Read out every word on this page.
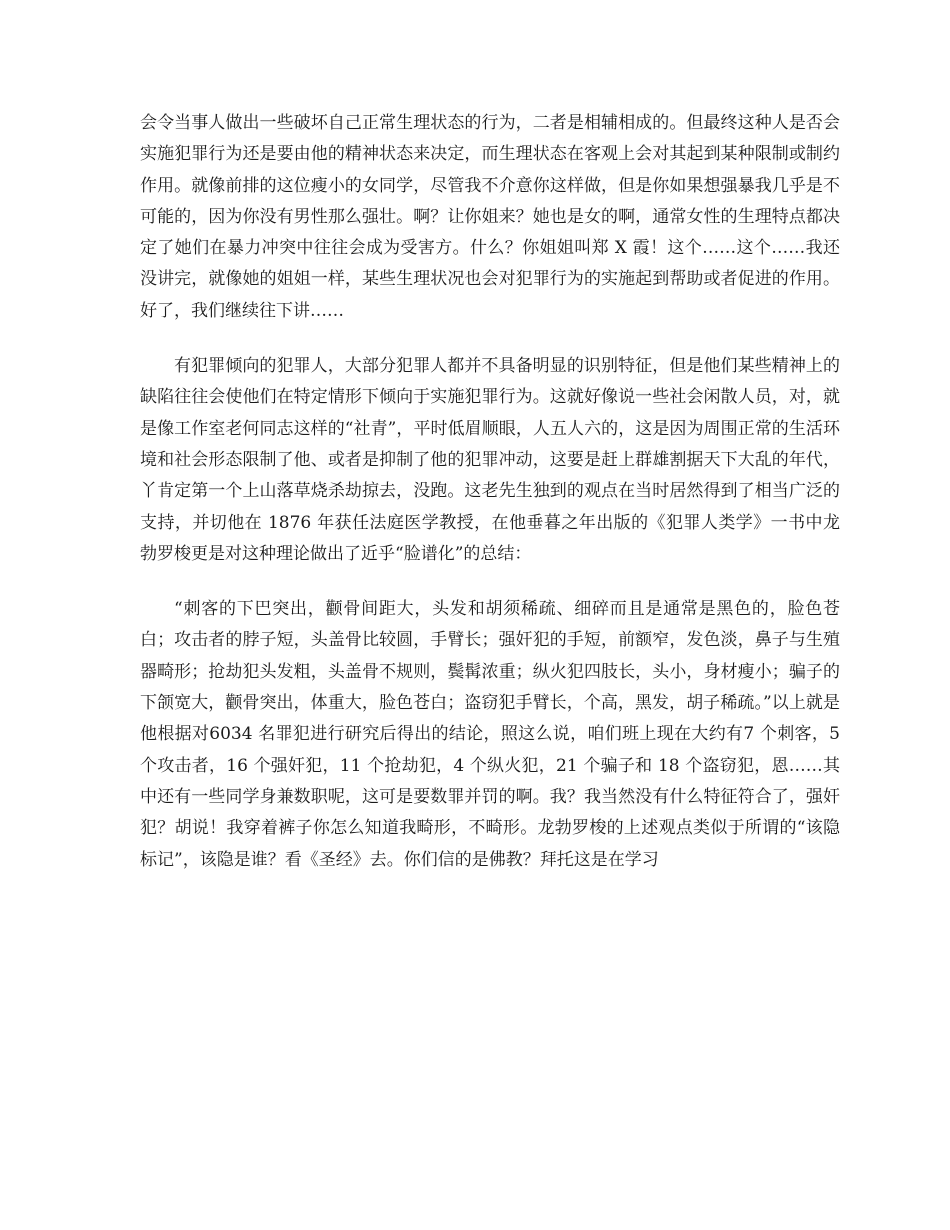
会令当事人做出一些破坏自己正常生理状态的行为，二者是相辅相成的。但最终这种人是否会实施犯罪行为还是要由他的精神状态来决定，而生理状态在客观上会对其起到某种限制或制约作用。就像前排的这位瘦小的女同学，尽管我不介意你这样做，但是你如果想强暴我几乎是不可能的，因为你没有男性那么强壮。啊？让你姐来？她也是女的啊，通常女性的生理特点都决定了她们在暴力冲突中往往会成为受害方。什么？你姐姐叫郑 X 霞！这个……这个……我还没讲完，就像她的姐姐一样，某些生理状况也会对犯罪行为的实施起到帮助或者促进的作用。好了，我们继续往下讲……

有犯罪倾向的犯罪人，大部分犯罪人都并不具备明显的识别特征，但是他们某些精神上的缺陷往往会使他们在特定情形下倾向于实施犯罪行为。这就好像说一些社会闲散人员，对，就是像工作室老何同志这样的“社青”，平时低眉顺眼，人五人六的，这是因为周围正常的生活环境和社会形态限制了他、或者是抑制了他的犯罪冲动，这要是赶上群雄割据天下大乱的年代，丫肯定第一个上山落草烧杀劫掠去，没跑。这老先生独到的观点在当时居然得到了相当广泛的支持，并切他在 1876 年获任法庭医学教授，在他垂暮之年出版的《犯罪人类学》一书中龙勃罗梭更是对这种理论做出了近乎“脸谱化”的总结：

“刺客的下巴突出，颧骨间距大，头发和胡须稀疏、细碎而且是通常是黑色的，脸色苍白；攻击者的脖子短，头盖骨比较圆，手臂长；强奸犯的手短，前额窄，发色淡，鼻子与生殖器畸形；抢劫犯头发粗，头盖骨不规则，鬓髯浓重；纵火犯四肢长，头小，身材瘦小；骗子的下颌宽大，颧骨突出，体重大，脸色苍白；盗窃犯手臂长，个高，黑发，胡子稀疏。”以上就是他根据对6034 名罪犯进行研究后得出的结论，照这么说，咱们班上现在大约有7 个刺客，5 个攻击者，16 个强奸犯，11 个抢劫犯，4 个纵火犯，21 个骗子和 18 个盗窃犯，恩……其中还有一些同学身兼数职呢，这可是要数罪并罚的啊。我？我当然没有什么特征符合了，强奸犯？胡说！我穿着裤子你怎么知道我畸形，不畸形。龙勃罗梭的上述观点类似于所谓的“该隐标记”，该隐是谁？看《圣经》去。你们信的是佛教？拜托这是在学习
